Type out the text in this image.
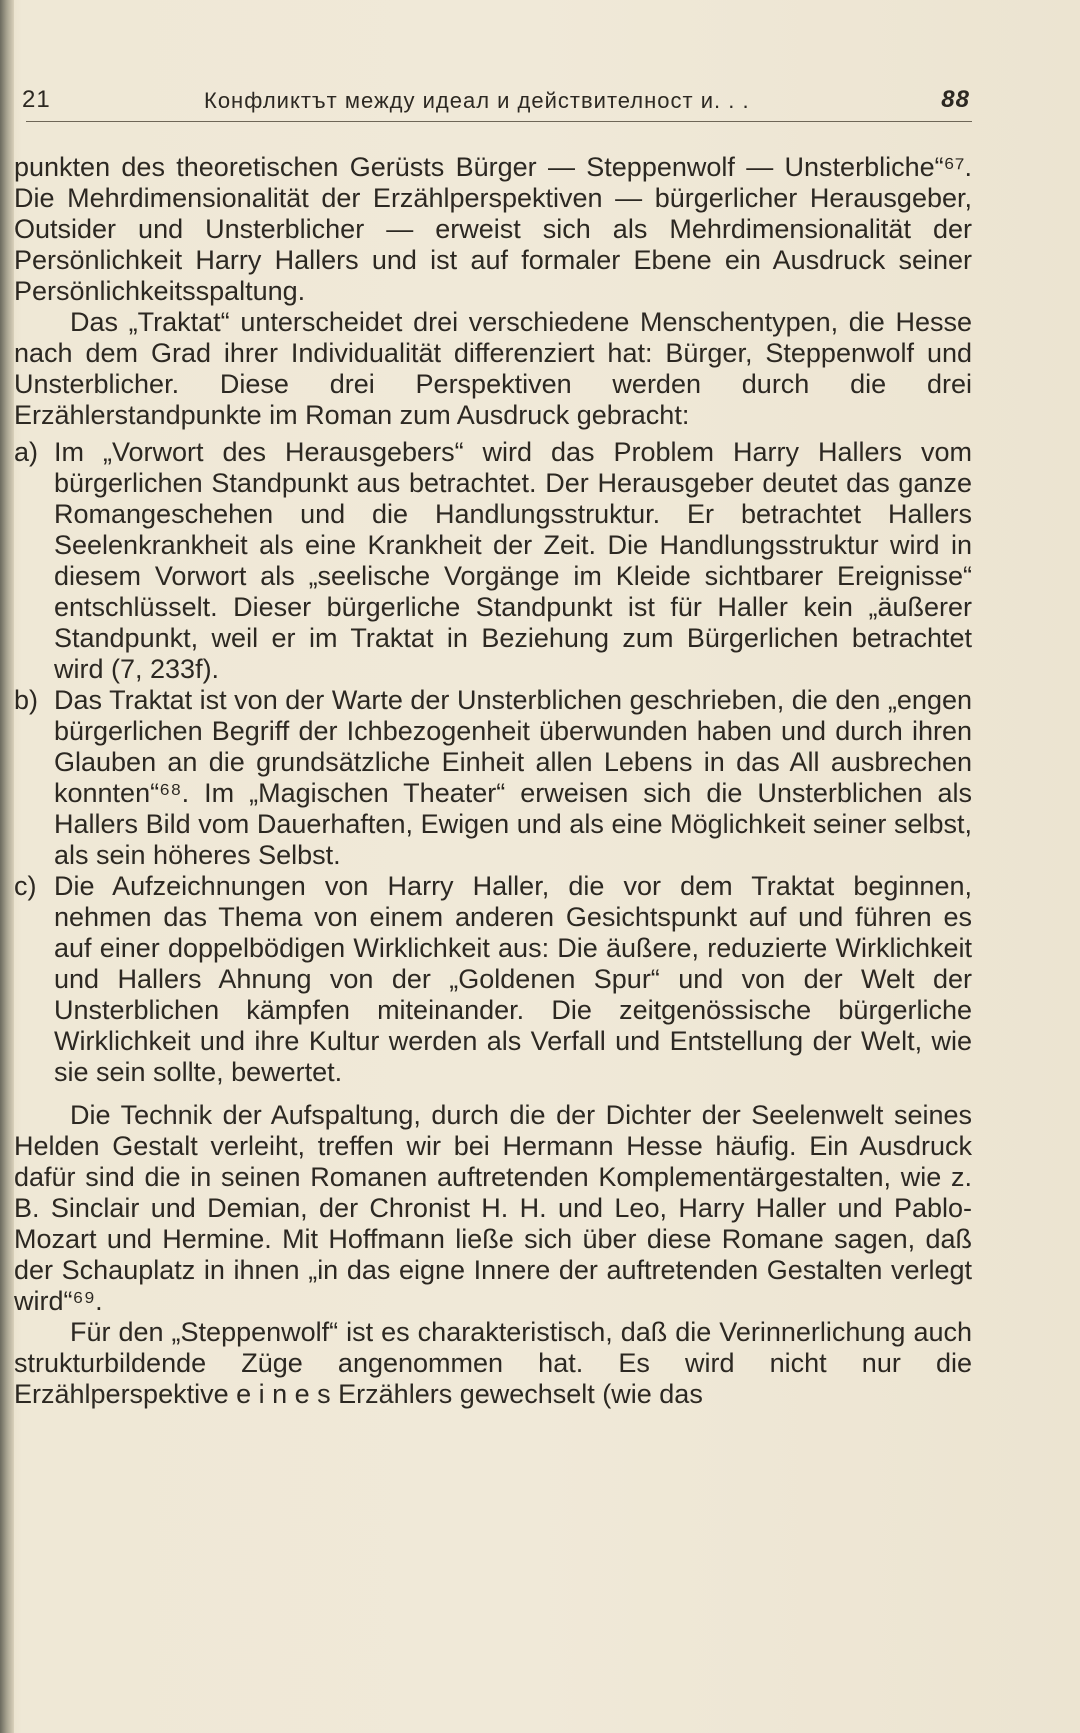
21	Конфликтът между идеал и действителност и. . .	88

punkten des theoretischen Gerüsts Bürger — Steppenwolf — Unsterbliche“⁶⁷. Die Mehrdimensionalität der Erzählperspektiven — bürgerlicher Herausgeber, Outsider und Unsterblicher — erweist sich als Mehrdimensionalität der Persönlichkeit Harry Hallers und ist auf formaler Ebene ein Ausdruck seiner Persönlichkeitsspaltung.

Das „Traktat“ unterscheidet drei verschiedene Menschentypen, die Hesse nach dem Grad ihrer Individualität differenziert hat: Bürger, Steppenwolf und Unsterblicher. Diese drei Perspektiven werden durch die drei Erzählerstandpunkte im Roman zum Ausdruck gebracht:

a) Im „Vorwort des Herausgebers“ wird das Problem Harry Hallers vom bürgerlichen Standpunkt aus betrachtet. Der Herausgeber deutet das ganze Romangeschehen und die Handlungsstruktur. Er betrachtet Hallers Seelenkrankheit als eine Krankheit der Zeit. Die Handlungsstruktur wird in diesem Vorwort als „seelische Vorgänge im Kleide sichtbarer Ereignisse“ entschlüsselt. Dieser bürgerliche Standpunkt ist für Haller kein „äußerer Standpunkt, weil er im Traktat in Beziehung zum Bürgerlichen betrachtet wird (7, 233f).
b) Das Traktat ist von der Warte der Unsterblichen geschrieben, die den „engen bürgerlichen Begriff der Ichbezogenheit überwunden haben und durch ihren Glauben an die grundsätzliche Einheit allen Lebens in das All ausbrechen konnten“⁶⁸. Im „Magischen Theater“ erweisen sich die Unsterblichen als Hallers Bild vom Dauerhaften, Ewigen und als eine Möglichkeit seiner selbst, als sein höheres Selbst.
c) Die Aufzeichnungen von Harry Haller, die vor dem Traktat beginnen, nehmen das Thema von einem anderen Gesichtspunkt auf und führen es auf einer doppelbödigen Wirklichkeit aus: Die äußere, reduzierte Wirklichkeit und Hallers Ahnung von der „Goldenen Spur“ und von der Welt der Unsterblichen kämpfen miteinander. Die zeitgenössische bürgerliche Wirklichkeit und ihre Kultur werden als Verfall und Entstellung der Welt, wie sie sein sollte, bewertet.

Die Technik der Aufspaltung, durch die der Dichter der Seelenwelt seines Helden Gestalt verleiht, treffen wir bei Hermann Hesse häufig. Ein Ausdruck dafür sind die in seinen Romanen auftretenden Komplementärgestalten, wie z. B. Sinclair und Demian, der Chronist H. H. und Leo, Harry Haller und Pablo-Mozart und Hermine. Mit Hoffmann ließe sich über diese Romane sagen, daß der Schauplatz in ihnen „in das eigne Innere der auftretenden Gestalten verlegt wird“⁶⁹.

Für den „Steppenwolf“ ist es charakteristisch, daß die Verinnerlichung auch strukturbildende Züge angenommen hat. Es wird nicht nur die Erzählperspektive e i n e s Erzählers gewechselt (wie das
